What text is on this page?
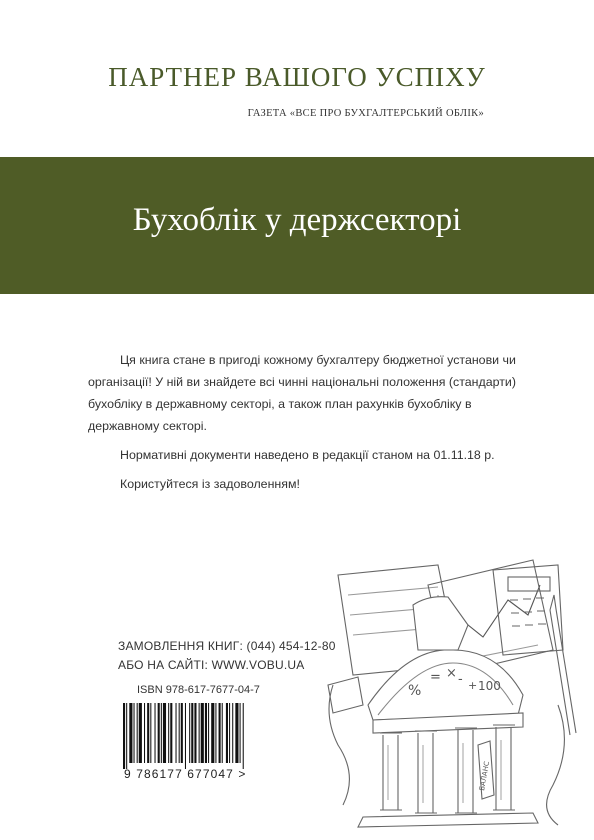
ПАРТНЕР ВАШОГО УСПІХУ
ГАЗЕТА «ВСЕ ПРО БУХГАЛТЕРСЬКИЙ ОБЛІК»
Бухоблік у держсекторі

Ця книга стане в пригоді кожному бухгалтеру бюджетної установи чи організації! У ній ви знайдете всі чинні національні положення (стандарти) бухобліку в державному секторі, а також план рахунків бухобліку в державному секторі.

Нормативні документи наведено в редакції станом на 01.11.18 р.

Користуйтеся із задоволенням!

ЗАМОВЛЕННЯ КНИГ: (044) 454-12-80
АБО НА САЙТІ: WWW.VOBU.UA
ISBN 978-617-7677-04-7
9 786177 677047 >
%
= × - + 100
БАЛАНС
